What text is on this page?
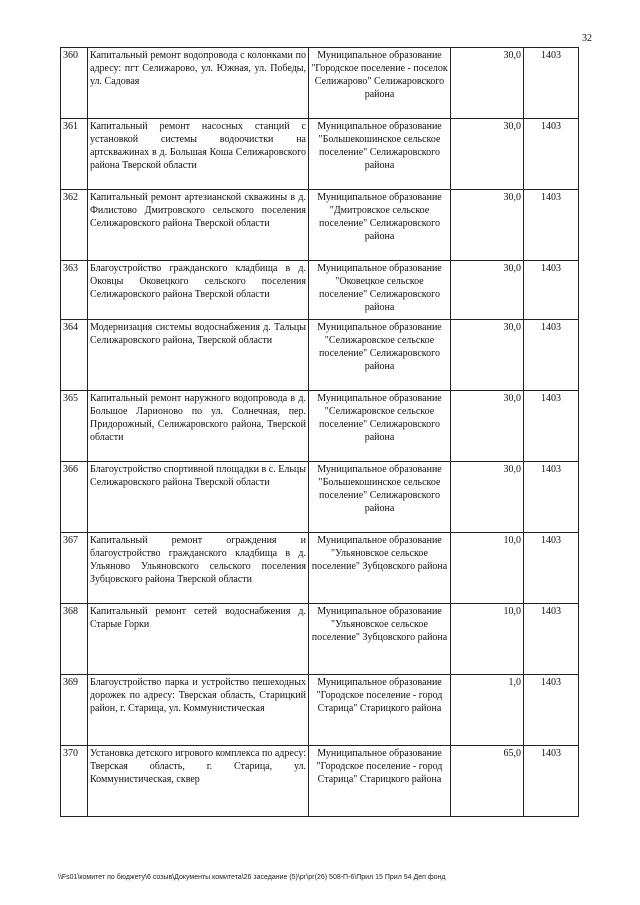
32
360	Капитальный ремонт водопровода с колонками по адресу: пгт Селижарово, ул. Южная, ул. Победы, ул. Садовая	Муниципальное образование "Городское поселение - поселок Селижарово" Селижаровского района	30,0	1403
361	Капитальный ремонт насосных станций с установкой системы водоочистки на артскважинах в д. Большая Коша Селижаровского района Тверской области	Муниципальное образование "Большекошинское сельское поселение" Селижаровского района	30,0	1403
362	Капитальный ремонт артезианской скважины в д. Филистово Дмитровского сельского поселения Селижаровского района Тверской области	Муниципальное образование "Дмитровское сельское поселение" Селижаровского района	30,0	1403
363	Благоустройство гражданского кладбища в д. Оковцы Оковецкого сельского поселения Селижаровского района Тверской области	Муниципальное образование "Оковецкое сельское поселение" Селижаровского района	30,0	1403
364	Модернизация системы водоснабжения д. Тальцы Селижаровского района, Тверской области	Муниципальное образование "Селижаровское сельское поселение" Селижаровского района	30,0	1403
365	Капитальный ремонт наружного водопровода в д. Большое Ларионово по ул. Солнечная, пер. Придорожный, Селижаровского района, Тверской области	Муниципальное образование "Селижаровское сельское поселение" Селижаровского района	30,0	1403
366	Благоустройство спортивной площадки в с. Ельцы Селижаровского района Тверской области	Муниципальное образование "Большекошинское сельское поселение" Селижаровского района	30,0	1403
367	Капитальный ремонт ограждения и благоустройство гражданского кладбища в д. Ульяново Ульяновского сельского поселения Зубцовского района Тверской области	Муниципальное образование "Ульяновское сельское поселение" Зубцовского района	10,0	1403
368	Капитальный ремонт сетей водоснабжения д. Старые Горки	Муниципальное образование "Ульяновское сельское поселение" Зубцовского района	10,0	1403
369	Благоустройство парка и устройство пешеходных дорожек по адресу: Тверская область, Старицкий район, г. Старица, ул. Коммунистическая	Муниципальное образование "Городское поселение - город Старица" Старицкого района	1,0	1403
370	Установка детского игрового комплекса по адресу: Тверская область, г. Старица, ул. Коммунистическая, сквер	Муниципальное образование "Городское поселение - город Старица" Старицкого района	65,0	1403
\\Fs01\комитет по бюджету\6 созыв\Документы комитета\26 заседание (5)\рг\рг(26) 508-П-6\Прил 15 Прил 54 Деп фонд
